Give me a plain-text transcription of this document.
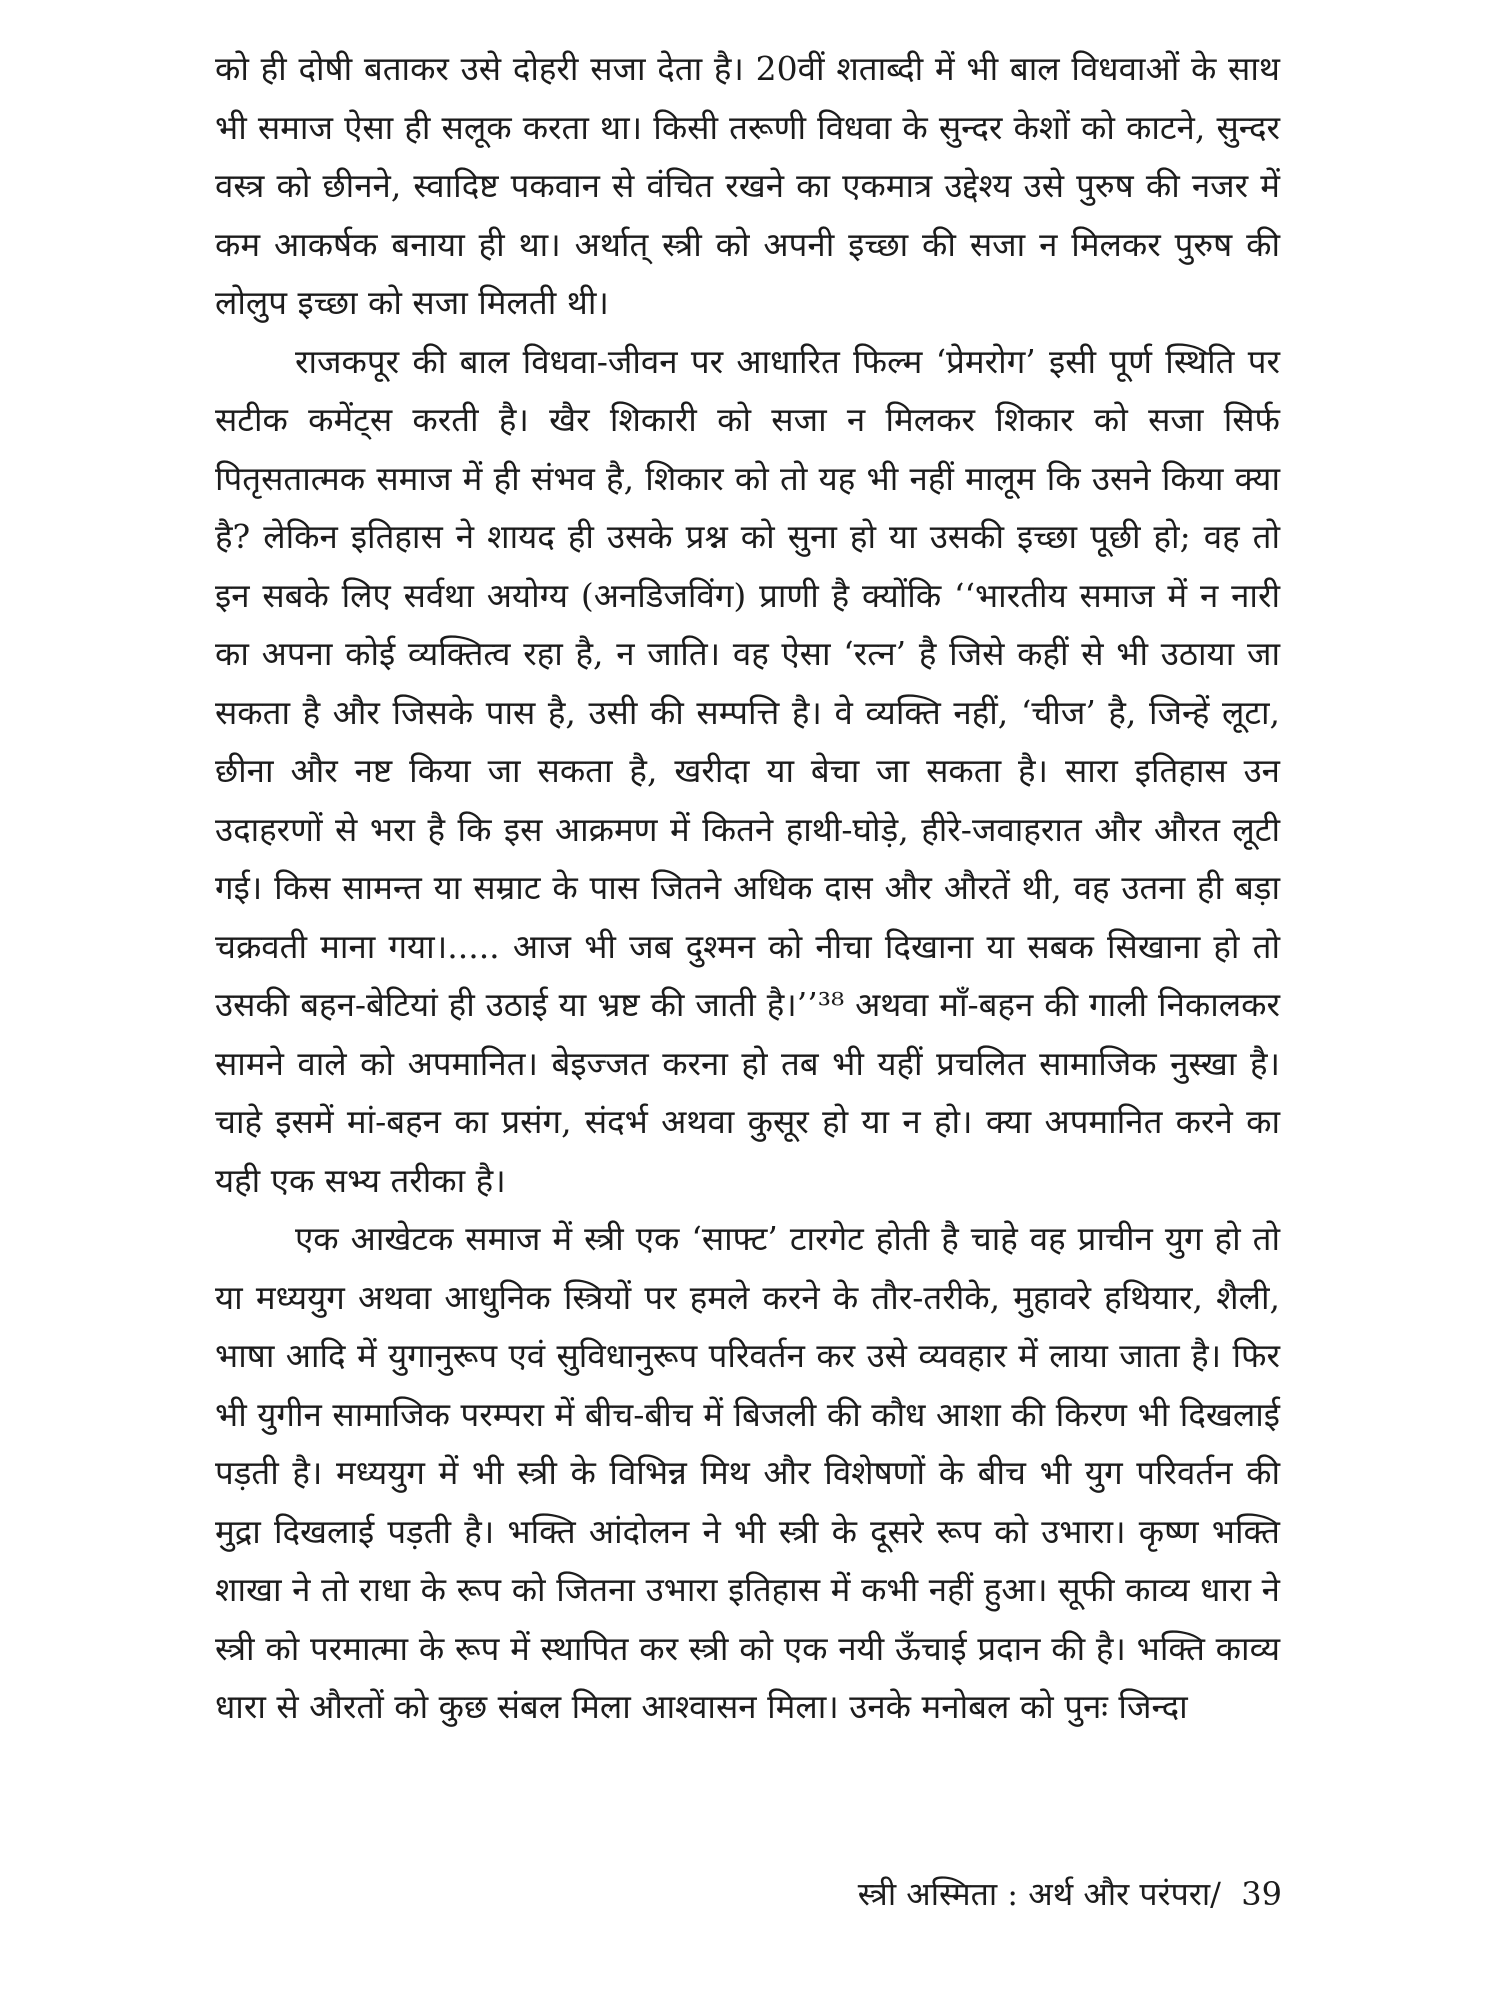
को ही दोषी बताकर उसे दोहरी सजा देता है। 20वीं शताब्दी में भी बाल विधवाओं के साथ भी समाज ऐसा ही सलूक करता था। किसी तरूणी विधवा के सुन्दर केशों को काटने, सुन्दर वस्त्र को छीनने, स्वादिष्ट पकवान से वंचित रखने का एकमात्र उद्देश्य उसे पुरुष की नजर में कम आकर्षक बनाया ही था। अर्थात् स्त्री को अपनी इच्छा की सजा न मिलकर पुरुष की लोलुप इच्छा को सजा मिलती थी।

राजकपूर की बाल विधवा-जीवन पर आधारित फिल्म ‘प्रेमरोग’ इसी पूर्ण स्थिति पर सटीक कमेंट्स करती है। खैर शिकारी को सजा न मिलकर शिकार को सजा सिर्फ पितृसतात्मक समाज में ही संभव है, शिकार को तो यह भी नहीं मालूम कि उसने किया क्या है? लेकिन इतिहास ने शायद ही उसके प्रश्न को सुना हो या उसकी इच्छा पूछी हो; वह तो इन सबके लिए सर्वथा अयोग्य (अनडिजविंग) प्राणी है क्योंकि ‘‘भारतीय समाज में न नारी का अपना कोई व्यक्तित्व रहा है, न जाति। वह ऐसा ‘रत्न’ है जिसे कहीं से भी उठाया जा सकता है और जिसके पास है, उसी की सम्पत्ति है। वे व्यक्ति नहीं, ‘चीज’ है, जिन्हें लूटा, छीना और नष्ट किया जा सकता है, खरीदा या बेचा जा सकता है। सारा इतिहास उन उदाहरणों से भरा है कि इस आक्रमण में कितने हाथी-घोड़े, हीरे-जवाहरात और औरत लूटी गई। किस सामन्त या सम्राट के पास जितने अधिक दास और औरतें थी, वह उतना ही बड़ा चक्रवती माना गया।..... आज भी जब दुश्मन को नीचा दिखाना या सबक सिखाना हो तो उसकी बहन-बेटियां ही उठाई या भ्रष्ट की जाती है।’’³⁸ अथवा माँ-बहन की गाली निकालकर सामने वाले को अपमानित। बेइज्जत करना हो तब भी यहीं प्रचलित सामाजिक नुस्खा है। चाहे इसमें मां-बहन का प्रसंग, संदर्भ अथवा कुसूर हो या न हो। क्या अपमानित करने का यही एक सभ्य तरीका है।

एक आखेटक समाज में स्त्री एक ‘साफ्ट’ टारगेट होती है चाहे वह प्राचीन युग हो तो या मध्ययुग अथवा आधुनिक स्त्रियों पर हमले करने के तौर-तरीके, मुहावरे हथियार, शैली, भाषा आदि में युगानुरूप एवं सुविधानुरूप परिवर्तन कर उसे व्यवहार में लाया जाता है। फिर भी युगीन सामाजिक परम्परा में बीच-बीच में बिजली की कौध आशा की किरण भी दिखलाई पड़ती है। मध्ययुग में भी स्त्री के विभिन्न मिथ और विशेषणों के बीच भी युग परिवर्तन की मुद्रा दिखलाई पड़ती है। भक्ति आंदोलन ने भी स्त्री के दूसरे रूप को उभारा। कृष्ण भक्ति शाखा ने तो राधा के रूप को जितना उभारा इतिहास में कभी नहीं हुआ। सूफी काव्य धारा ने स्त्री को परमात्मा के रूप में स्थापित कर स्त्री को एक नयी ऊँचाई प्रदान की है। भक्ति काव्य धारा से औरतों को कुछ संबल मिला आश्वासन मिला। उनके मनोबल को पुनः जिन्दा

स्त्री अस्मिता : अर्थ और परंपरा/ 39
